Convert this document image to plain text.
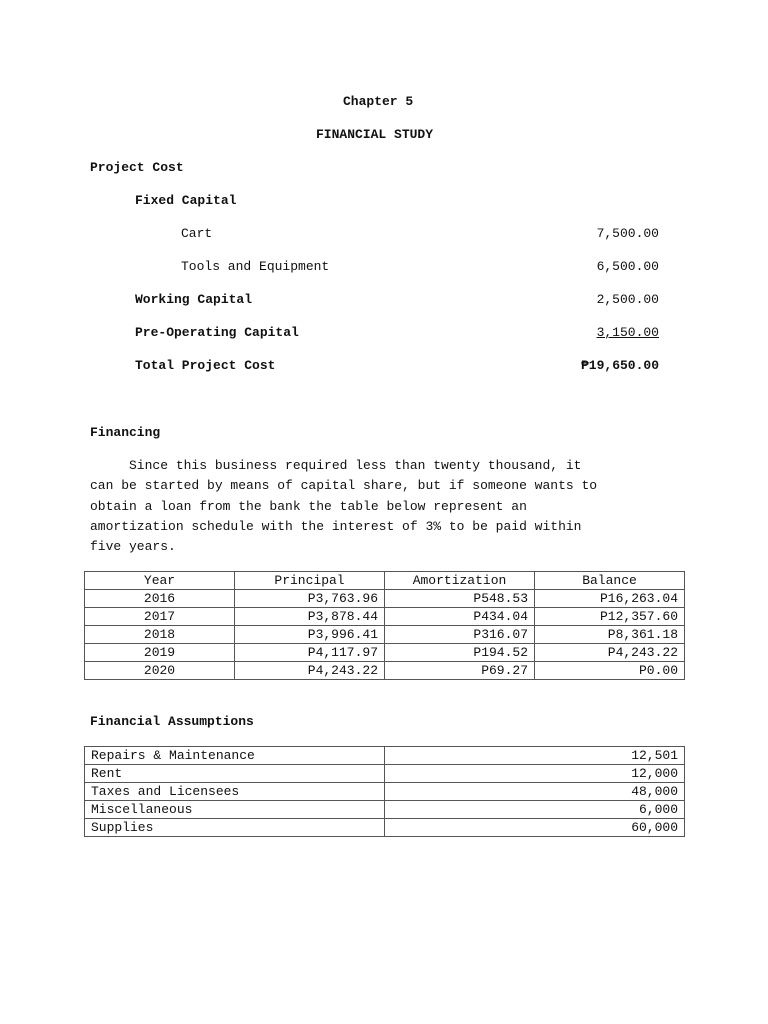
Chapter 5
FINANCIAL STUDY
Project Cost
Fixed Capital
Cart	7,500.00
Tools and Equipment	6,500.00
Working Capital	2,500.00
Pre-Operating Capital	3,150.00
Total Project Cost	₱19,650.00
Financing
Since this business required less than twenty thousand, it
can be started by means of capital share, but if someone wants to
obtain a loan from the bank the table below represent an
amortization schedule with the interest of 3% to be paid within
five years.
Year	Principal	Amortization	Balance
2016	P3,763.96	P548.53	P16,263.04
2017	P3,878.44	P434.04	P12,357.60
2018	P3,996.41	P316.07	P8,361.18
2019	P4,117.97	P194.52	P4,243.22
2020	P4,243.22	P69.27	P0.00
Financial Assumptions
Repairs & Maintenance	12,501
Rent	12,000
Taxes and Licensees	48,000
Miscellaneous	6,000
Supplies	60,000
